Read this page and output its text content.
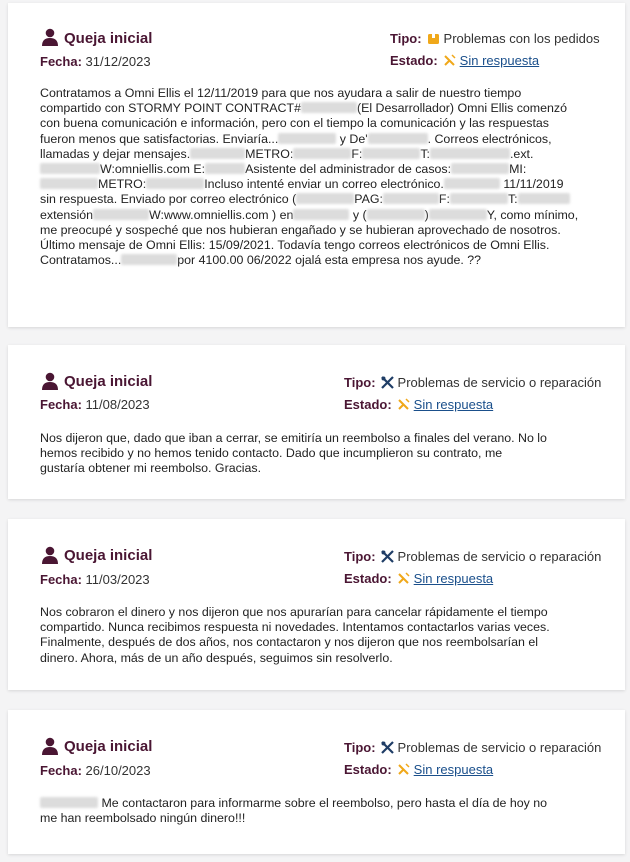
Queja inicial
Fecha: 31/12/2023
Tipo: Problemas con los pedidos
Estado: Sin respuesta
Contratamos a Omni Ellis el 12/11/2019 para que nos ayudara a salir de nuestro tiempo compartido con STORMY POINT CONTRACT#	(El Desarrollador) Omni Ellis comenzó con buena comunicación e información, pero con el tiempo la comunicación y las respuestas fueron menos que satisfactorias. Enviaría...	y De'	. Correos electrónicos, llamadas y dejar mensajes.	METRO:	F:	T:	.ext.W:omniellis.com E:	Asistente del administrador de casos:	MI:METRO:	Incluso intenté enviar un correo electrónico.	11/11/2019 sin respuesta. Enviado por correo electrónico (	PAG:	F:	T:extensión	W:www.omniellis.com ) en	y (	)	Y, como mínimo, me preocupé y sospeché que nos hubieran engañado y se hubieran aprovechado de nosotros. Último mensaje de Omni Ellis: 15/09/2021. Todavía tengo correos electrónicos de Omni Ellis. Contratamos...	por 4100.00 06/2022 ojalá esta empresa nos ayude. ??
Queja inicial
Fecha: 11/08/2023
Tipo: Problemas de servicio o reparación
Estado: Sin respuesta
Nos dijeron que, dado que iban a cerrar, se emitiría un reembolso a finales del verano. No lo hemos recibido y no hemos tenido contacto. Dado que incumplieron su contrato, me gustaría obtener mi reembolso. Gracias.
Queja inicial
Fecha: 11/03/2023
Tipo: Problemas de servicio o reparación
Estado: Sin respuesta
Nos cobraron el dinero y nos dijeron que nos apurarían para cancelar rápidamente el tiempo compartido. Nunca recibimos respuesta ni novedades. Intentamos contactarlos varias veces. Finalmente, después de dos años, nos contactaron y nos dijeron que nos reembolsarían el dinero. Ahora, más de un año después, seguimos sin resolverlo.
Queja inicial
Fecha: 26/10/2023
Tipo: Problemas de servicio o reparación
Estado: Sin respuesta
Me contactaron para informarme sobre el reembolso, pero hasta el día de hoy no me han reembolsado ningún dinero!!!
